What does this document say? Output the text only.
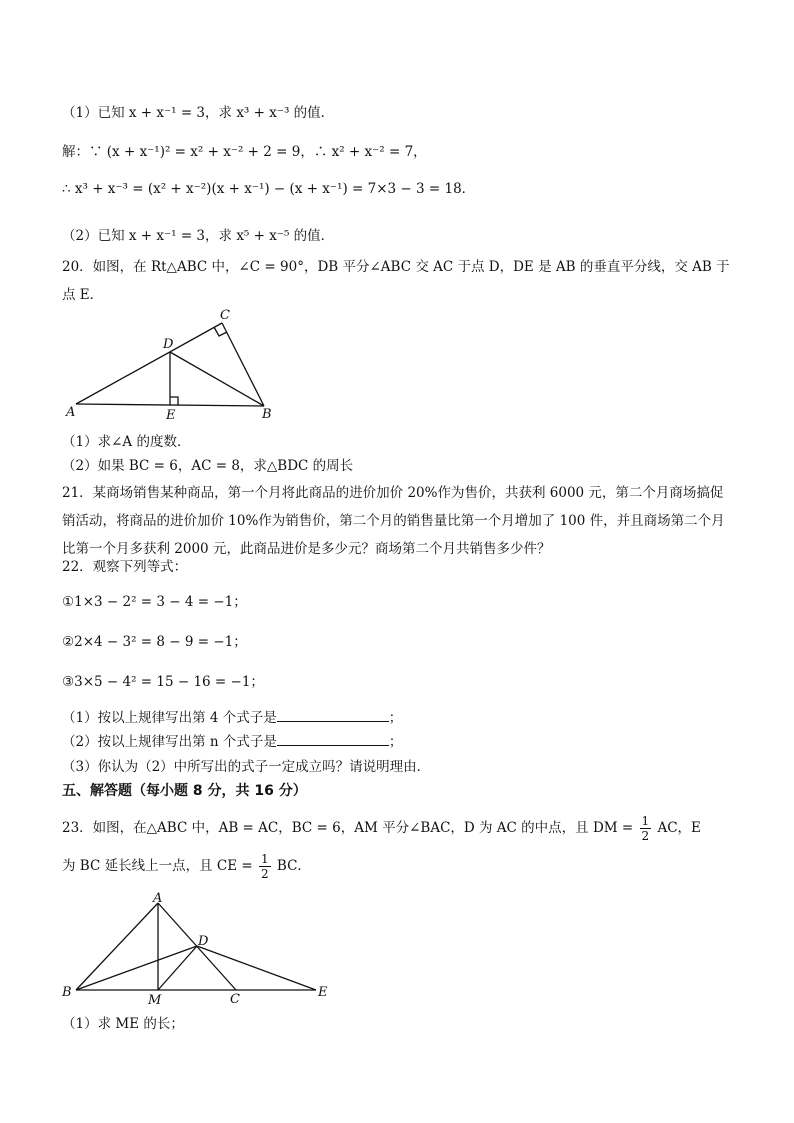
（1）已知 x + x⁻¹ = 3，求 x³ + x⁻³ 的值．
解：∵ (x + x⁻¹)² = x² + x⁻² + 2 = 9，∴ x² + x⁻² = 7，
∴ x³ + x⁻³ = (x² + x⁻²)(x + x⁻¹) − (x + x⁻¹) = 7×3 − 3 = 18．
（2）已知 x + x⁻¹ = 3，求 x⁵ + x⁻⁵ 的值．
20．如图，在 Rt△ABC 中，∠C = 90°，DB 平分∠ABC 交 AC 于点 D，DE 是 AB 的垂直平分线，交 AB 于点 E．
A	B
C
D
E
（1）求∠A 的度数．
（2）如果 BC = 6，AC = 8，求△BDC 的周长
21．某商场销售某种商品，第一个月将此商品的进价加价 20%作为售价，共获利 6000 元，第二个月商场搞促销活动，将商品的进价加价 10%作为销售价，第二个月的销售量比第一个月增加了 100 件，并且商场第二个月比第一个月多获利 2000 元，此商品进价是多少元？商场第二个月共销售多少件？
22．观察下列等式：
①1×3 − 2² = 3 − 4 = −1；
②2×4 − 3² = 8 − 9 = −1；
③3×5 − 4² = 15 − 16 = −1；
（1）按以上规律写出第 4 个式子是	；
（2）按以上规律写出第 n 个式子是	；
（3）你认为（2）中所写出的式子一定成立吗？请说明理由．
五、解答题（每小题 8 分，共 16 分）
23．如图，在△ABC 中，AB = AC，BC = 6，AM 平分∠BAC，D 为 AC 的中点，且 DM = $\frac{1}{2}$ AC，E
为 BC 延长线上一点，且 CE = $\frac{1}{2}$ BC．
B
A
D
M	C	E
（1）求 ME 的长；
